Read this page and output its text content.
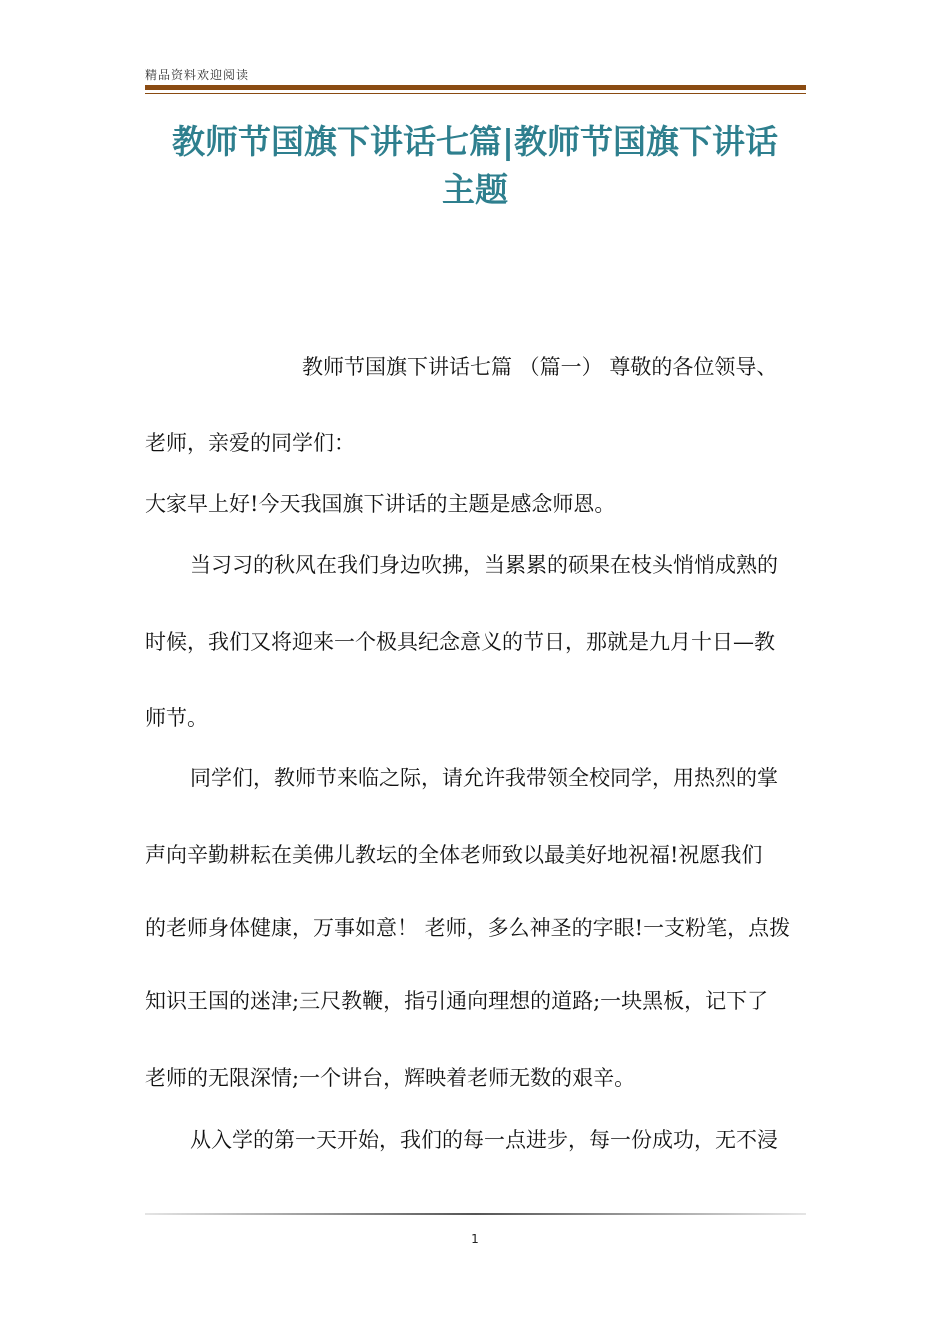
精品资料欢迎阅读
教师节国旗下讲话七篇|教师节国旗下讲话
主题
教师节国旗下讲话七篇 （篇一） 尊敬的各位领导、
老师，亲爱的同学们：
大家早上好!今天我国旗下讲话的主题是感念师恩。
当习习的秋风在我们身边吹拂，当累累的硕果在枝头悄悄成熟的
时候，我们又将迎来一个极具纪念意义的节日，那就是九月十日—教
师节。
同学们，教师节来临之际，请允许我带领全校同学，用热烈的掌
声向辛勤耕耘在美佛儿教坛的全体老师致以最美好地祝福!祝愿我们
的老师身体健康，万事如意！ 老师，多么神圣的字眼!一支粉笔，点拨
知识王国的迷津;三尺教鞭，指引通向理想的道路;一块黑板，记下了
老师的无限深情;一个讲台，辉映着老师无数的艰辛。
从入学的第一天开始，我们的每一点进步，每一份成功，无不浸
1
